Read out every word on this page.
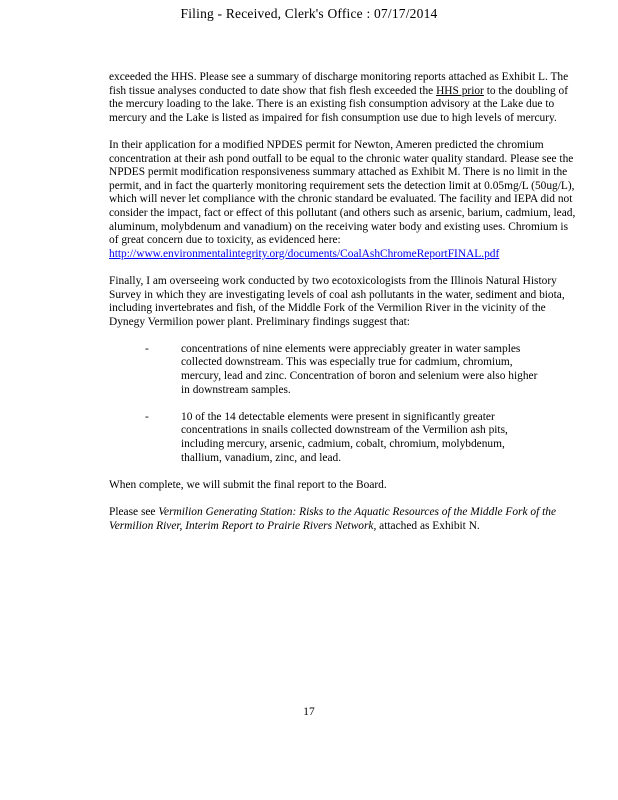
Filing - Received, Clerk's Office : 07/17/2014

exceeded the HHS. Please see a summary of discharge monitoring reports attached as Exhibit L. The fish tissue analyses conducted to date show that fish flesh exceeded the HHS prior to the doubling of the mercury loading to the lake. There is an existing fish consumption advisory at the Lake due to mercury and the Lake is listed as impaired for fish consumption use due to high levels of mercury.

In their application for a modified NPDES permit for Newton, Ameren predicted the chromium concentration at their ash pond outfall to be equal to the chronic water quality standard. Please see the NPDES permit modification responsiveness summary attached as Exhibit M. There is no limit in the permit, and in fact the quarterly monitoring requirement sets the detection limit at 0.05mg/L (50ug/L), which will never let compliance with the chronic standard be evaluated. The facility and IEPA did not consider the impact, fact or effect of this pollutant (and others such as arsenic, barium, cadmium, lead, aluminum, molybdenum and vanadium) on the receiving water body and existing uses. Chromium is of great concern due to toxicity, as evidenced here: http://www.environmentalintegrity.org/documents/CoalAshChromeReportFINAL.pdf

Finally, I am overseeing work conducted by two ecotoxicologists from the Illinois Natural History Survey in which they are investigating levels of coal ash pollutants in the water, sediment and biota, including invertebrates and fish, of the Middle Fork of the Vermilion River in the vicinity of the Dynegy Vermilion power plant. Preliminary findings suggest that:

-	concentrations of nine elements were appreciably greater in water samples collected downstream. This was especially true for cadmium, chromium, mercury, lead and zinc. Concentration of boron and selenium were also higher in downstream samples.
-	10 of the 14 detectable elements were present in significantly greater concentrations in snails collected downstream of the Vermilion ash pits, including mercury, arsenic, cadmium, cobalt, chromium, molybdenum, thallium, vanadium, zinc, and lead.

When complete, we will submit the final report to the Board.

Please see Vermilion Generating Station: Risks to the Aquatic Resources of the Middle Fork of the Vermilion River, Interim Report to Prairie Rivers Network, attached as Exhibit N.

17
